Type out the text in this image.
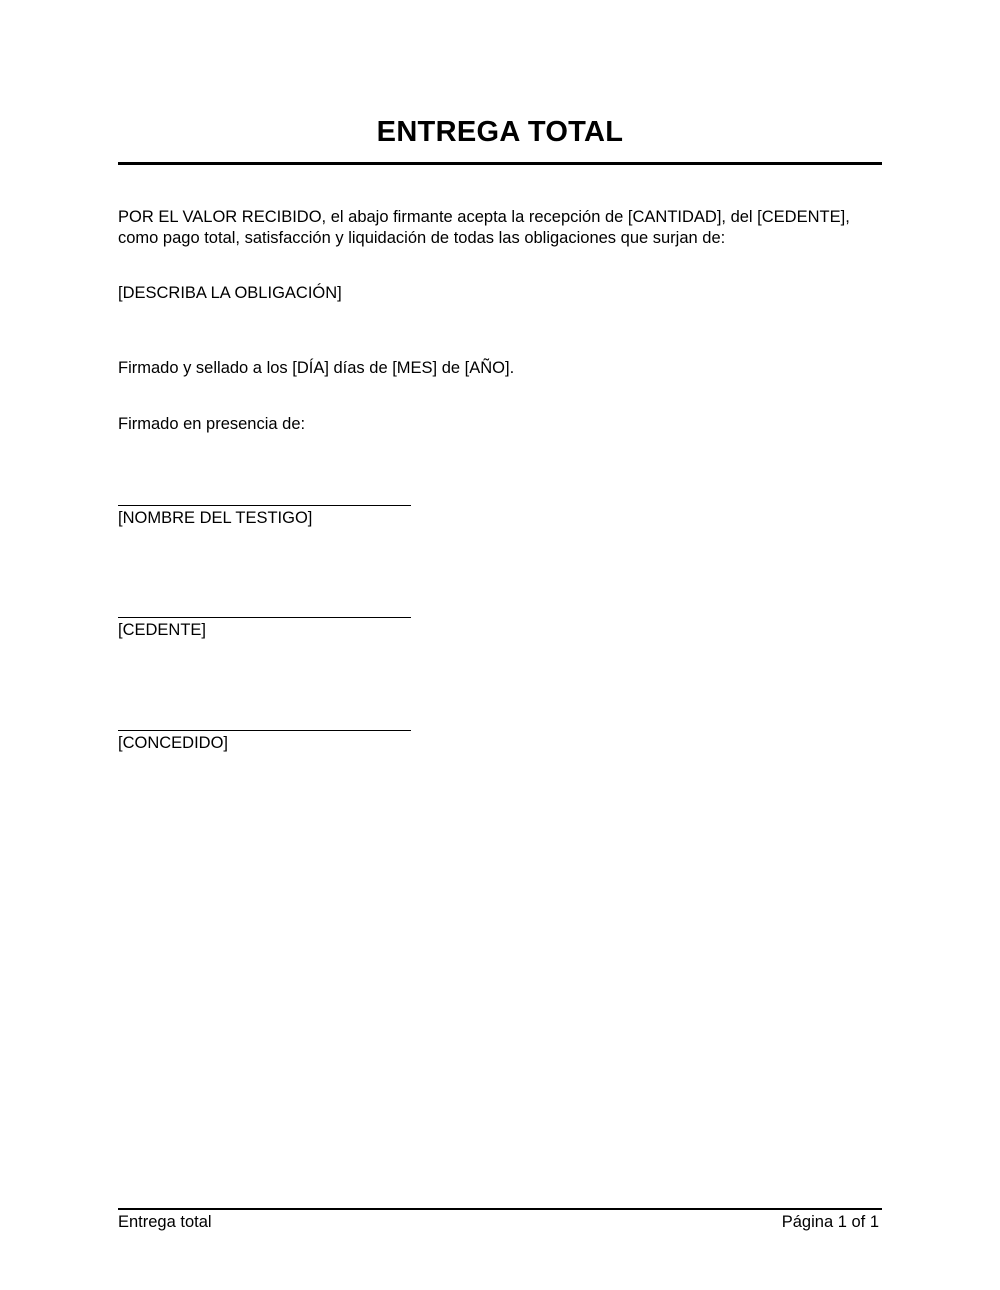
ENTREGA TOTAL
POR EL VALOR RECIBIDO, el abajo firmante acepta la recepción de [CANTIDAD], del [CEDENTE],
como pago total, satisfacción y liquidación de todas las obligaciones que surjan de:
[DESCRIBA LA OBLIGACIÓN]
Firmado y sellado a los [DÍA] días de [MES] de [AÑO].
Firmado en presencia de:
[NOMBRE DEL TESTIGO]
[CEDENTE]
[CONCEDIDO]
Entrega total	Página 1 of 1
